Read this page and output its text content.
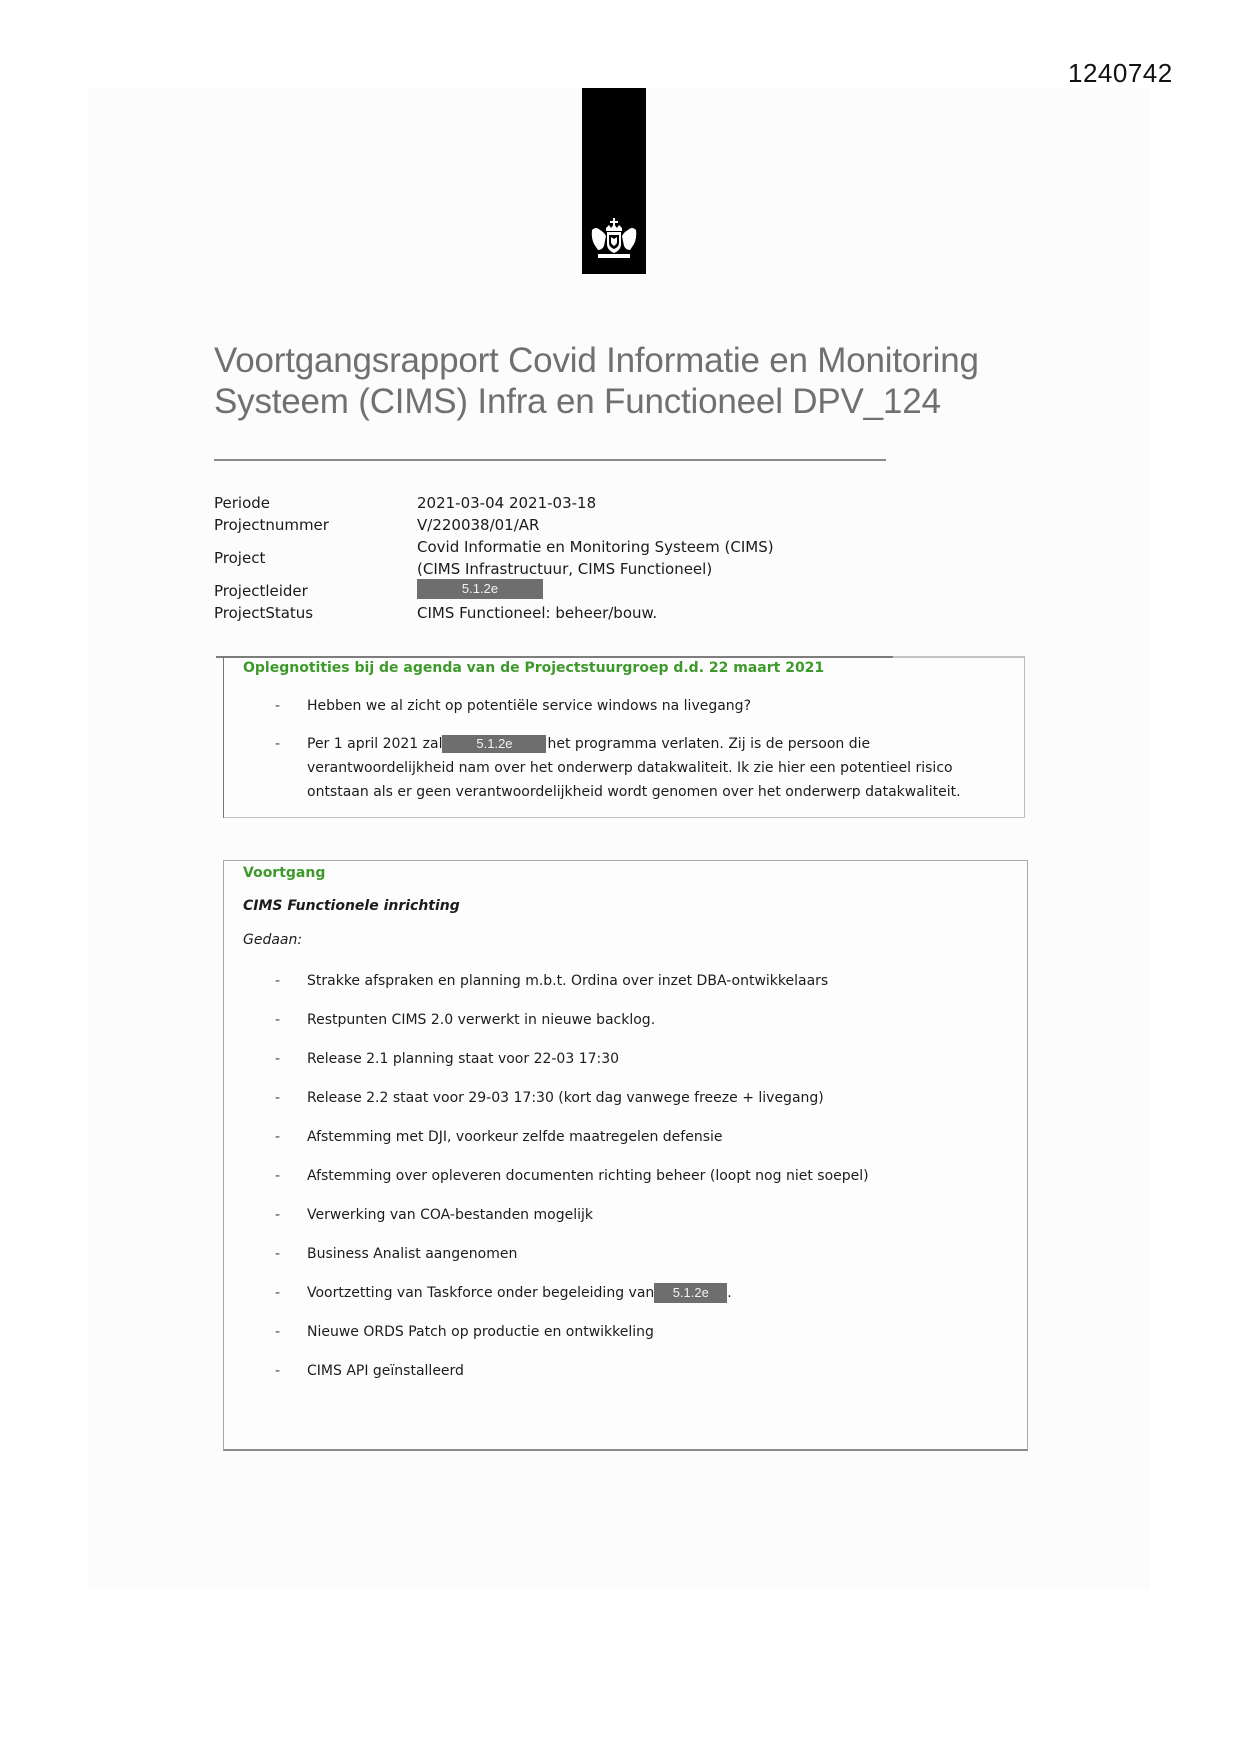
1240742
Voortgangsrapport Covid Informatie en Monitoring
Systeem (CIMS) Infra en Functioneel DPV_124
Periode	2021-03-04 2021-03-18
Projectnummer	V/220038/01/AR
Project
Covid Informatie en Monitoring Systeem (CIMS)
(CIMS Infrastructuur, CIMS Functioneel)
Projectleider	5.1.2e
ProjectStatus	CIMS Functioneel: beheer/bouw.
Oplegnotities bij de agenda van de Projectstuurgroep d.d. 22 maart 2021
- Hebben we al zicht op potentiële service windows na livegang?
- Per 1 april 2021 zal	5.1.2e het programma verlaten. Zij is de persoon die verantwoordelijkheid nam over het onderwerp datakwaliteit. Ik zie hier een potentieel risico ontstaan als er geen verantwoordelijkheid wordt genomen over het onderwerp datakwaliteit.
Voortgang
CIMS Functionele inrichting
Gedaan:
- Strakke afspraken en planning m.b.t. Ordina over inzet DBA-ontwikkelaars
- Restpunten CIMS 2.0 verwerkt in nieuwe backlog.
- Release 2.1 planning staat voor 22-03 17:30
- Release 2.2 staat voor 29-03 17:30 (kort dag vanwege freeze + livegang)
- Afstemming met DJI, voorkeur zelfde maatregelen defensie
- Afstemming over opleveren documenten richting beheer (loopt nog niet soepel)
- Verwerking van COA-bestanden mogelijk
- Business Analist aangenomen
- Voortzetting van Taskforce onder begeleiding van 5.1.2e .
- Nieuwe ORDS Patch op productie en ontwikkeling
- CIMS API geïnstalleerd
